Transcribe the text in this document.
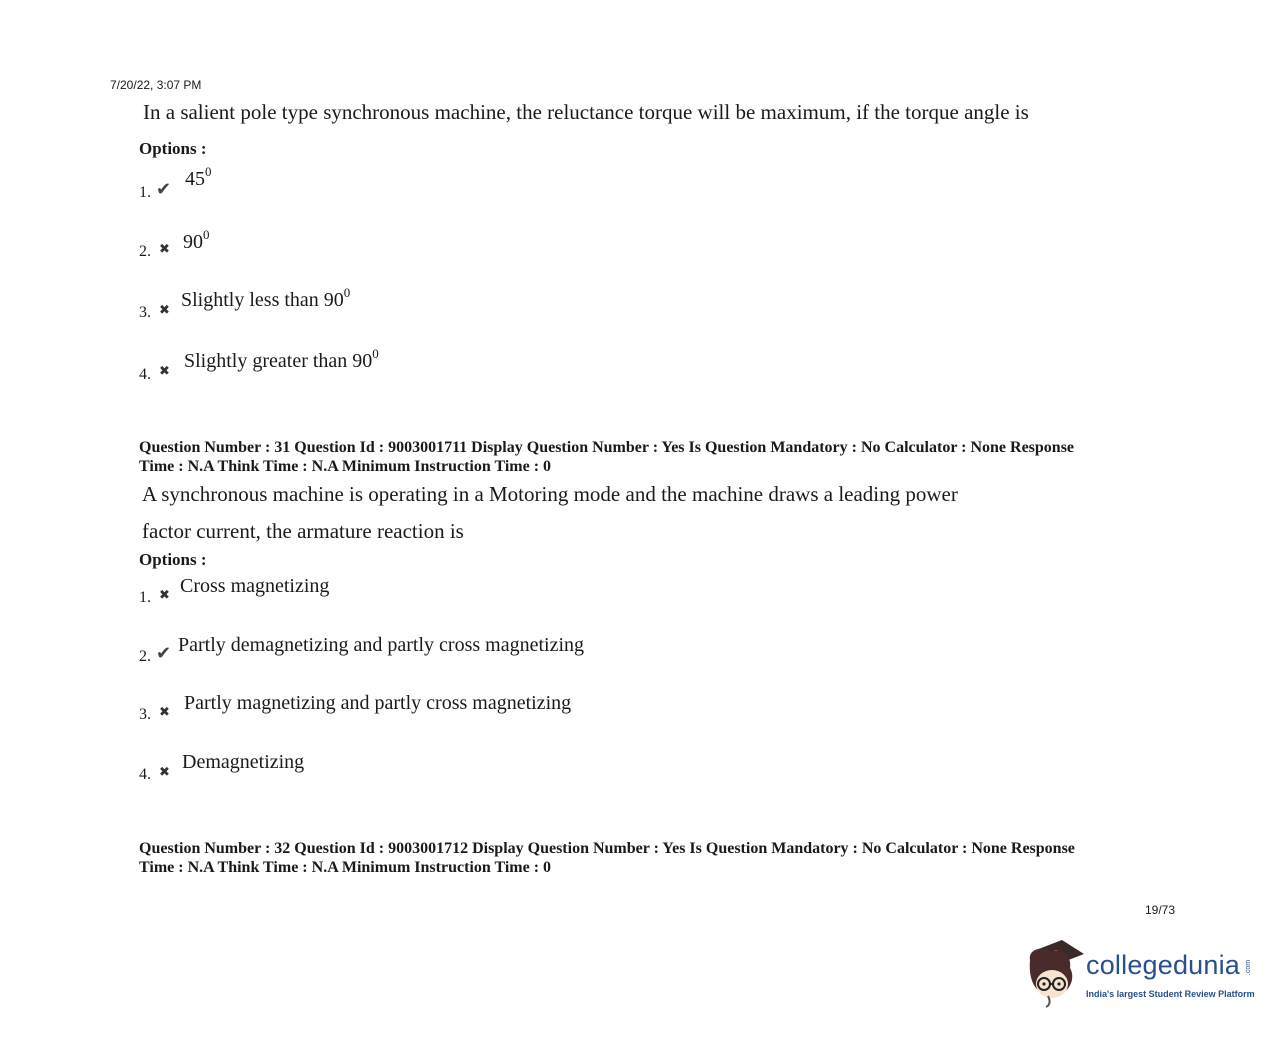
7/20/22, 3:07 PM
In a salient pole type synchronous machine, the reluctance torque will be maximum, if the torque angle is
Options :
1. ✔ $45^0$
2. ✖ $90^0$
3. ✖ Slightly less than $90^0$
4. ✖ Slightly greater than $90^0$
Question Number : 31 Question Id : 9003001711 Display Question Number : Yes Is Question Mandatory : No Calculator : None Response
Time : N.A Think Time : N.A Minimum Instruction Time : 0
A synchronous machine is operating in a Motoring mode and the machine draws a leading power
factor current, the armature reaction is
Options :
1. ✖ Cross magnetizing
2. ✔ Partly demagnetizing and partly cross magnetizing
3. ✖ Partly magnetizing and partly cross magnetizing
4. ✖ Demagnetizing
Question Number : 32 Question Id : 9003001712 Display Question Number : Yes Is Question Mandatory : No Calculator : None Response
Time : N.A Think Time : N.A Minimum Instruction Time : 0
19/73
collegedunia .com
India's largest Student Review Platform
